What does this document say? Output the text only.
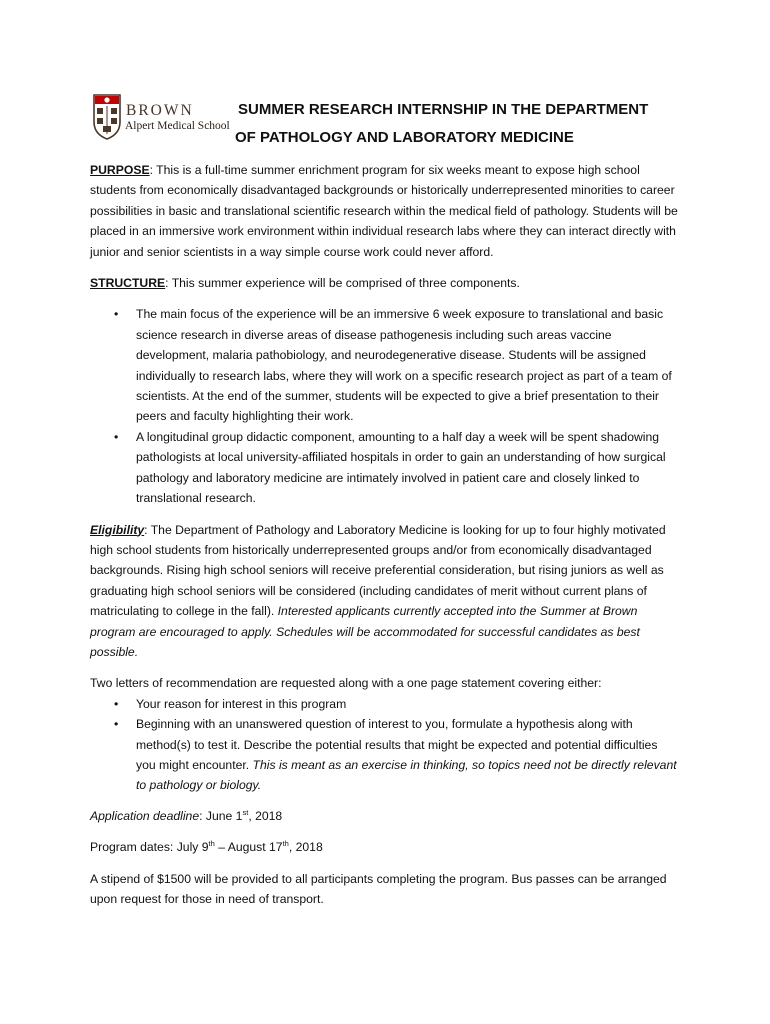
BROWN
Alpert Medical School
SUMMER RESEARCH INTERNSHIP IN THE DEPARTMENT
OF PATHOLOGY AND LABORATORY MEDICINE

PURPOSE: This is a full-time summer enrichment program for six weeks meant to expose high school students from economically disadvantaged backgrounds or historically underrepresented minorities to career possibilities in basic and translational scientific research within the medical field of pathology. Students will be placed in an immersive work environment within individual research labs where they can interact directly with junior and senior scientists in a way simple course work could never afford.

STRUCTURE: This summer experience will be comprised of three components.

• The main focus of the experience will be an immersive 6 week exposure to translational and basic science research in diverse areas of disease pathogenesis including such areas vaccine development, malaria pathobiology, and neurodegenerative disease. Students will be assigned individually to research labs, where they will work on a specific research project as part of a team of scientists. At the end of the summer, students will be expected to give a brief presentation to their peers and faculty highlighting their work.
• A longitudinal group didactic component, amounting to a half day a week will be spent shadowing pathologists at local university-affiliated hospitals in order to gain an understanding of how surgical pathology and laboratory medicine are intimately involved in patient care and closely linked to translational research.

Eligibility: The Department of Pathology and Laboratory Medicine is looking for up to four highly motivated high school students from historically underrepresented groups and/or from economically disadvantaged backgrounds. Rising high school seniors will receive preferential consideration, but rising juniors as well as graduating high school seniors will be considered (including candidates of merit without current plans of matriculating to college in the fall). Interested applicants currently accepted into the Summer at Brown program are encouraged to apply. Schedules will be accommodated for successful candidates as best possible.

Two letters of recommendation are requested along with a one page statement covering either:

• Your reason for interest in this program
• Beginning with an unanswered question of interest to you, formulate a hypothesis along with method(s) to test it. Describe the potential results that might be expected and potential difficulties you might encounter. This is meant as an exercise in thinking, so topics need not be directly relevant to pathology or biology.

Application deadline: June 1st, 2018

Program dates: July 9th – August 17th, 2018

A stipend of $1500 will be provided to all participants completing the program. Bus passes can be arranged upon request for those in need of transport.
